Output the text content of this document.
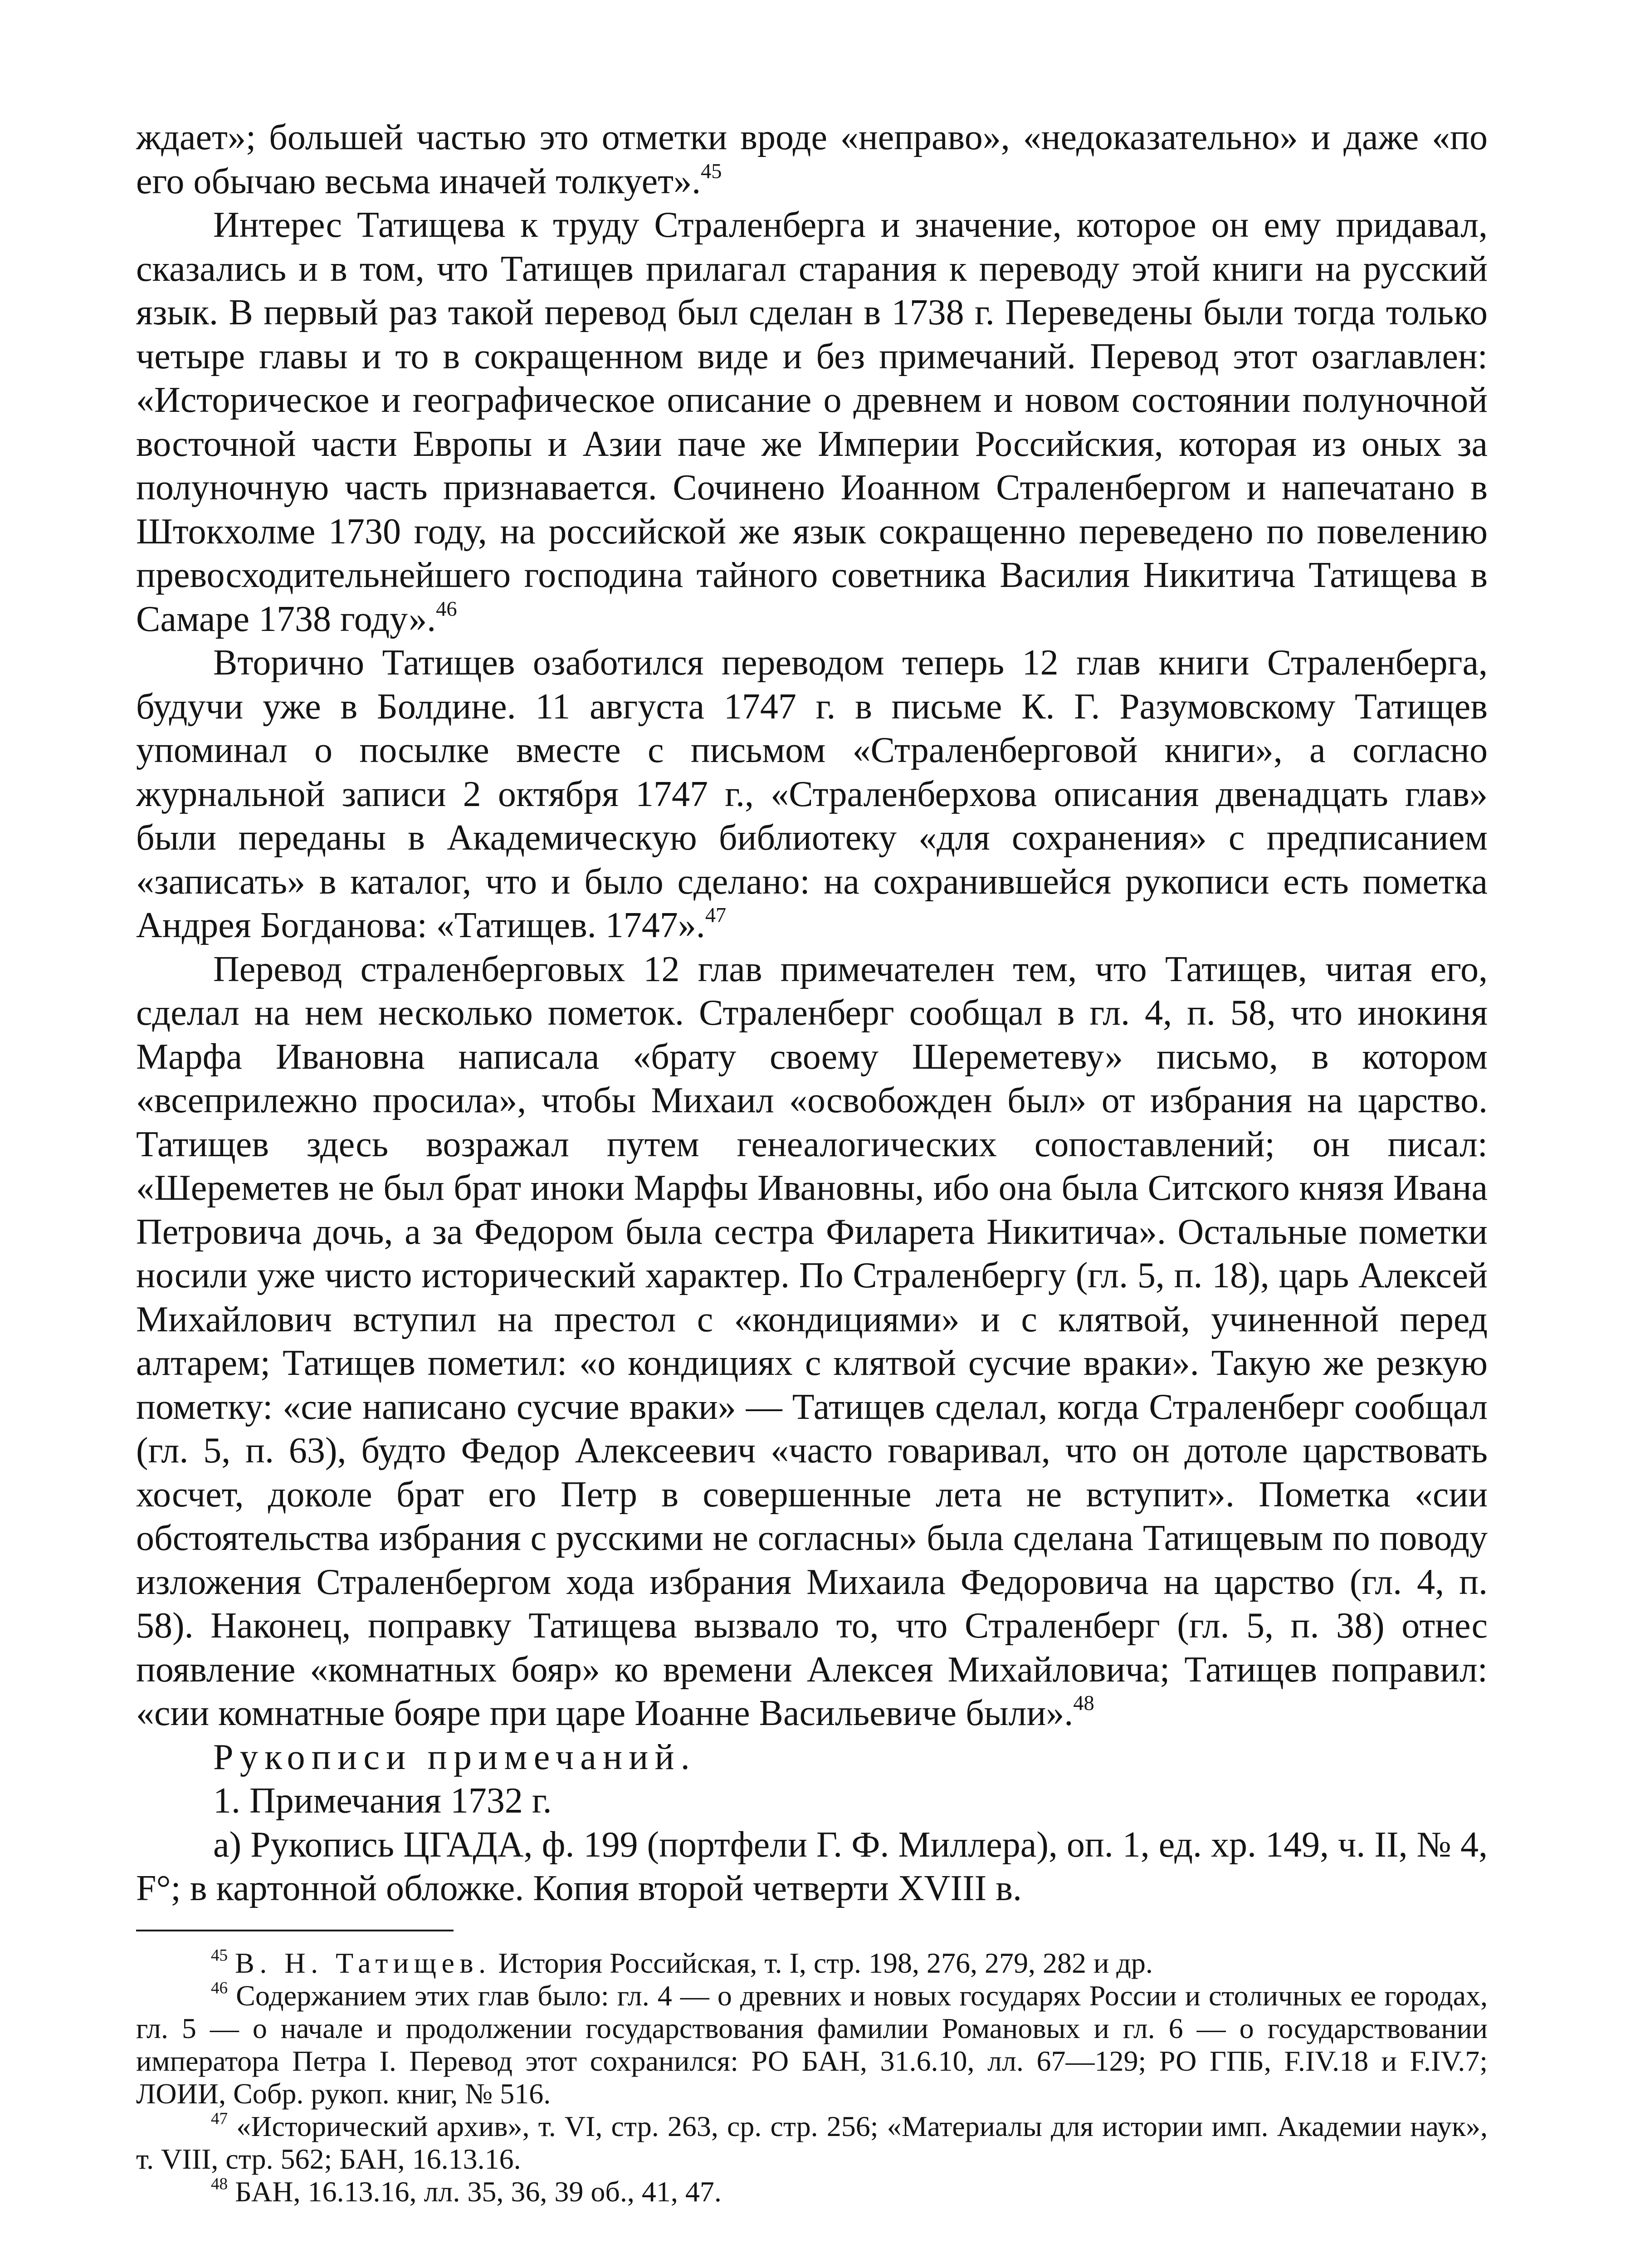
ждает»; большей частью это отметки вроде «неправо», «недоказательно» и даже «по его обычаю весьма иначей толкует».$^{45}$

Интерес Татищева к труду Страленберга и значение, которое он ему придавал, сказались и в том, что Татищев прилагал старания к переводу этой книги на русский язык. В первый раз такой перевод был сделан в 1738 г. Переведены были тогда только четыре главы и то в сокращенном виде и без примечаний. Перевод этот озаглавлен: «Историческое и географическое описание о древнем и новом состоянии полуночной восточной части Европы и Азии паче же Империи Российския, которая из оных за полуночную часть признавается. Сочинено Иоанном Страленбергом и напечатано в Штокхолме 1730 году, на российской же язык сокращенно переведено по повелению превосходительнейшего господина тайного советника Василия Никитича Татищева в Самаре 1738 году».$^{46}$

Вторично Татищев озаботился переводом теперь 12 глав книги Страленберга, будучи уже в Болдине. 11 августа 1747 г. в письме К. Г. Разумовскому Татищев упоминал о посылке вместе с письмом «Страленберговой книги», а согласно журнальной записи 2 октября 1747 г., «Страленберхова описания двенадцать глав» были переданы в Академическую библиотеку «для сохранения» с предписанием «записать» в каталог, что и было сделано: на сохранившейся рукописи есть пометка Андрея Богданова: «Татищев. 1747».$^{47}$

Перевод страленберговых 12 глав примечателен тем, что Татищев, читая его, сделал на нем несколько пометок. Страленберг сообщал в гл. 4, п. 58, что инокиня Марфа Ивановна написала «брату своему Шереметеву» письмо, в котором «всеприлежно просила», чтобы Михаил «освобожден был» от избрания на царство. Татищев здесь возражал путем генеалогических сопоставлений; он писал: «Шереметев не был брат иноки Марфы Ивановны, ибо она была Ситского князя Ивана Петровича дочь, а за Федором была сестра Филарета Никитича». Остальные пометки носили уже чисто исторический характер. По Страленбергу (гл. 5, п. 18), царь Алексей Михайлович вступил на престол с «кондициями» и с клятвой, учиненной перед алтарем; Татищев пометил: «о кондициях с клятвой сусчие враки». Такую же резкую пометку: «сие написано сусчие враки» — Татищев сделал, когда Страленберг сообщал (гл. 5, п. 63), будто Федор Алексеевич «часто говаривал, что он дотоле царствовать хосчет, доколе брат его Петр в совершенные лета не вступит». Пометка «сии обстоятельства избрания с русскими не согласны» была сделана Татищевым по поводу изложения Страленбергом хода избрания Михаила Федоровича на царство (гл. 4, п. 58). Наконец, поправку Татищева вызвало то, что Страленберг (гл. 5, п. 38) отнес появление «комнатных бояр» ко времени Алексея Михайловича; Татищев поправил: «сии комнатные бояре при царе Иоанне Васильевиче были».$^{48}$

Рукописи примечаний.

1. Примечания 1732 г.

а) Рукопись ЦГАДА, ф. 199 (портфели Г. Ф. Миллера), оп. 1, ед. хр. 149, ч. II, № 4, F°; в картонной обложке. Копия второй четверти XVIII в.

$^{45}$ В. Н. Татищев. История Российская, т. I, стр. 198, 276, 279, 282 и др.

$^{46}$ Содержанием этих глав было: гл. 4 — о древних и новых государях России и столичных ее городах, гл. 5 — о начале и продолжении государствования фамилии Романовых и гл. 6 — о государствовании императора Петра I. Перевод этот сохранился: РО БАН, 31.6.10, лл. 67—129; РО ГПБ, F.IV.18 и F.IV.7; ЛОИИ, Собр. рукоп. книг, № 516.

$^{47}$ «Исторический архив», т. VI, стр. 263, ср. стр. 256; «Материалы для истории имп. Академии наук», т. VIII, стр. 562; БАН, 16.13.16.

$^{48}$ БАН, 16.13.16, лл. 35, 36, 39 об., 41, 47.
